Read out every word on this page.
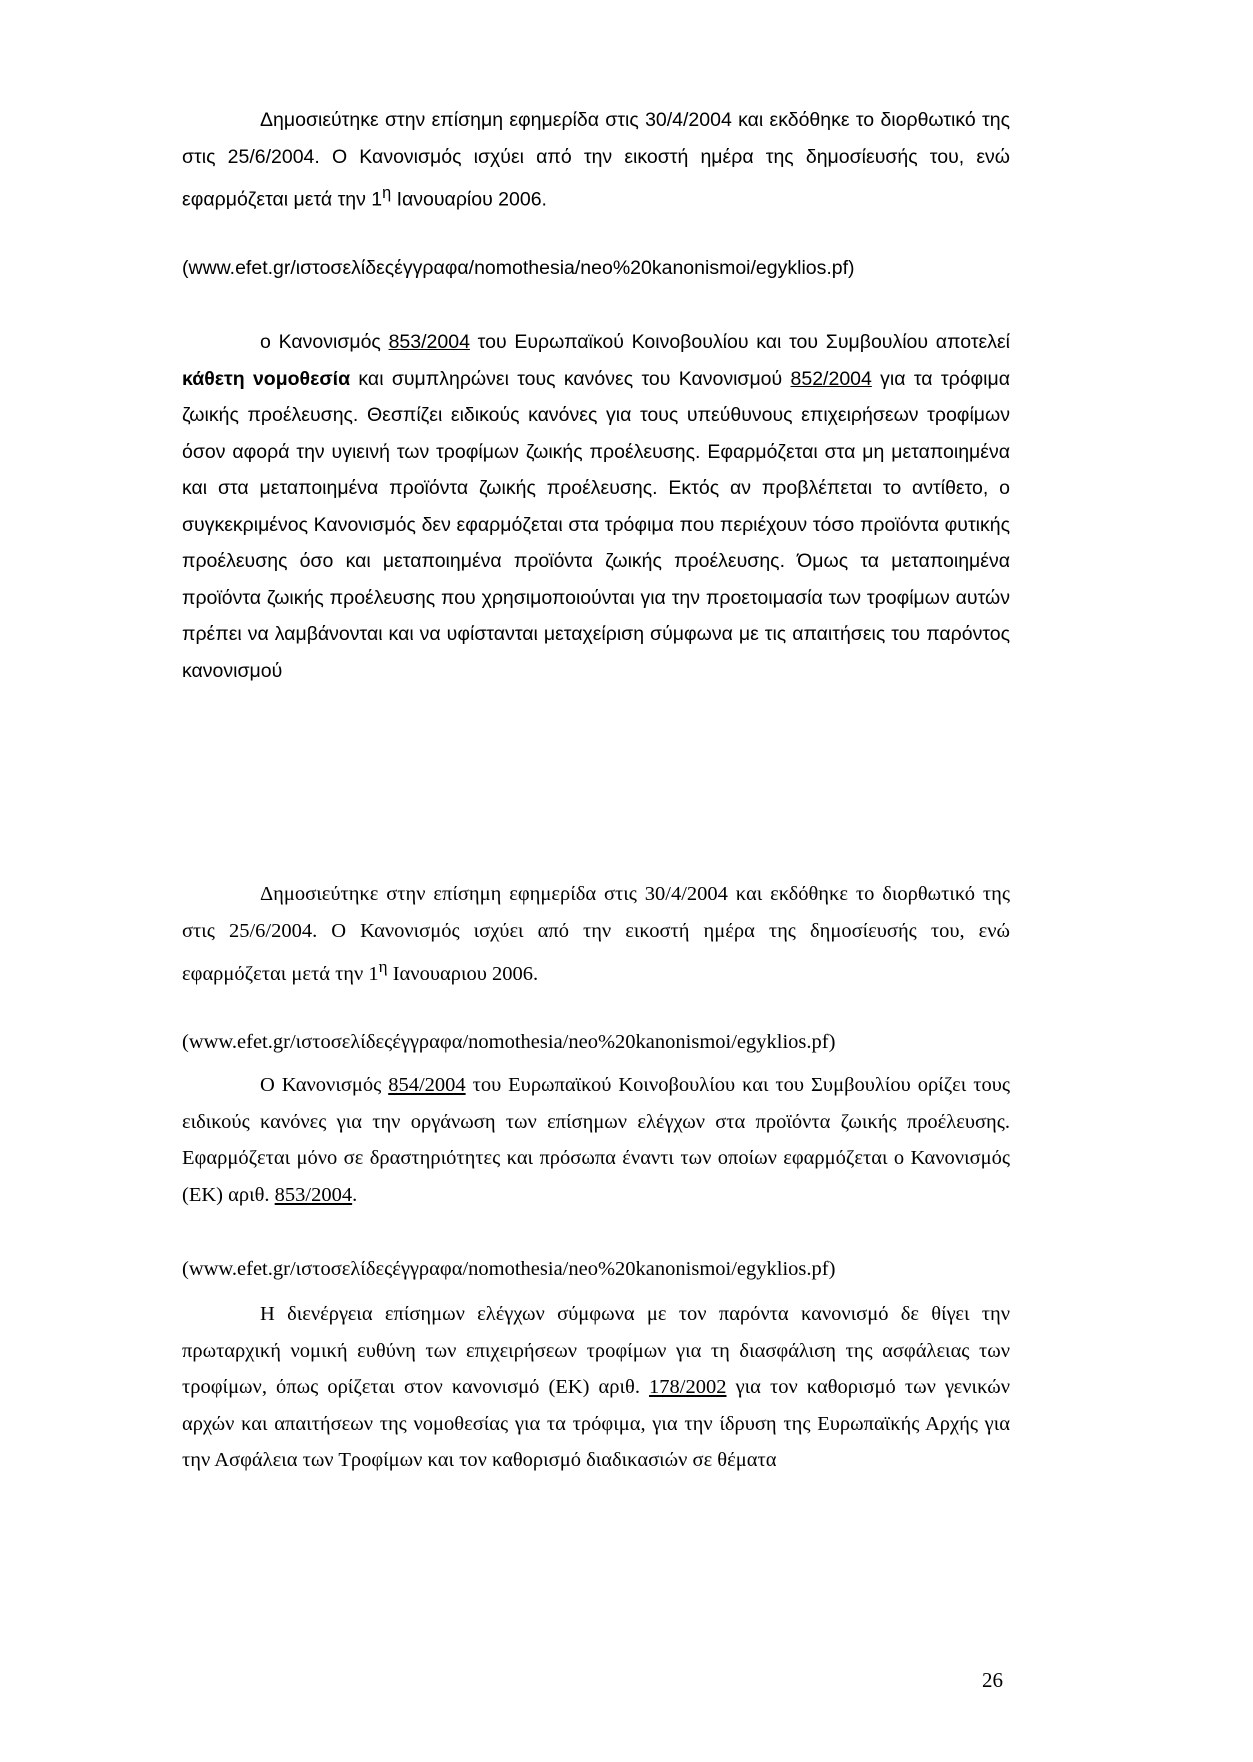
Δημοσιεύτηκε στην επίσημη εφημερίδα στις 30/4/2004 και εκδόθηκε το διορθωτικό της στις 25/6/2004. Ο Κανονισμός ισχύει από την εικοστή ημέρα της δημοσίευσής του, ενώ εφαρμόζεται μετά την $1^\eta$ Ιανουαρίου 2006.

(www.efet.gr/ιστοσελίδεςέγγραφα/nomothesia/neo%20kanonismoi/egyklios.pf)

ο Κανονισμός 853/2004 του Ευρωπαϊκού Κοινοβουλίου και του Συμβουλίου αποτελεί κάθετη νομοθεσία και συμπληρώνει τους κανόνες του Κανονισμού 852/2004 για τα τρόφιμα ζωικής προέλευσης. Θεσπίζει ειδικούς κανόνες για τους υπεύθυνους επιχειρήσεων τροφίμων όσον αφορά την υγιεινή των τροφίμων ζωικής προέλευσης. Εφαρμόζεται στα μη μεταποιημένα και στα μεταποιημένα προϊόντα ζωικής προέλευσης. Εκτός αν προβλέπεται το αντίθετο, ο συγκεκριμένος Κανονισμός δεν εφαρμόζεται στα τρόφιμα που περιέχουν τόσο προϊόντα φυτικής προέλευσης όσο και μεταποιημένα προϊόντα ζωικής προέλευσης. Όμως τα μεταποιημένα προϊόντα ζωικής προέλευσης που χρησιμοποιούνται για την προετοιμασία των τροφίμων αυτών πρέπει να λαμβάνονται και να υφίστανται μεταχείριση σύμφωνα με τις απαιτήσεις του παρόντος κανονισμού

Δημοσιεύτηκε στην επίσημη εφημερίδα στις 30/4/2004 και εκδόθηκε το διορθωτικό της στις 25/6/2004. Ο Κανονισμός ισχύει από την εικοστή ημέρα της δημοσίευσής του, ενώ εφαρμόζεται μετά την $1^\eta$ Ιανουαριου 2006.

(www.efet.gr/ιστοσελίδεςέγγραφα/nomothesia/neo%20kanonismoi/egyklios.pf)

Ο Κανονισμός 854/2004 του Ευρωπαϊκού Κοινοβουλίου και του Συμβουλίου ορίζει τους ειδικούς κανόνες για την οργάνωση των επίσημων ελέγχων στα προϊόντα ζωικής προέλευσης. Εφαρμόζεται μόνο σε δραστηριότητες και πρόσωπα έναντι των οποίων εφαρμόζεται ο Κανονισμός (ΕΚ) αριθ. 853/2004.

(www.efet.gr/ιστοσελίδεςέγγραφα/nomothesia/neo%20kanonismoi/egyklios.pf)

Η διενέργεια επίσημων ελέγχων σύμφωνα με τον παρόντα κανονισμό δε θίγει την πρωταρχική νομική ευθύνη των επιχειρήσεων τροφίμων για τη διασφάλιση της ασφάλειας των τροφίμων, όπως ορίζεται στον κανονισμό (ΕΚ) αριθ. 178/2002 για τον καθορισμό των γενικών αρχών και απαιτήσεων της νομοθεσίας για τα τρόφιμα, για την ίδρυση της Ευρωπαϊκής Αρχής για την Ασφάλεια των Τροφίμων και τον καθορισμό διαδικασιών σε θέματα

26
